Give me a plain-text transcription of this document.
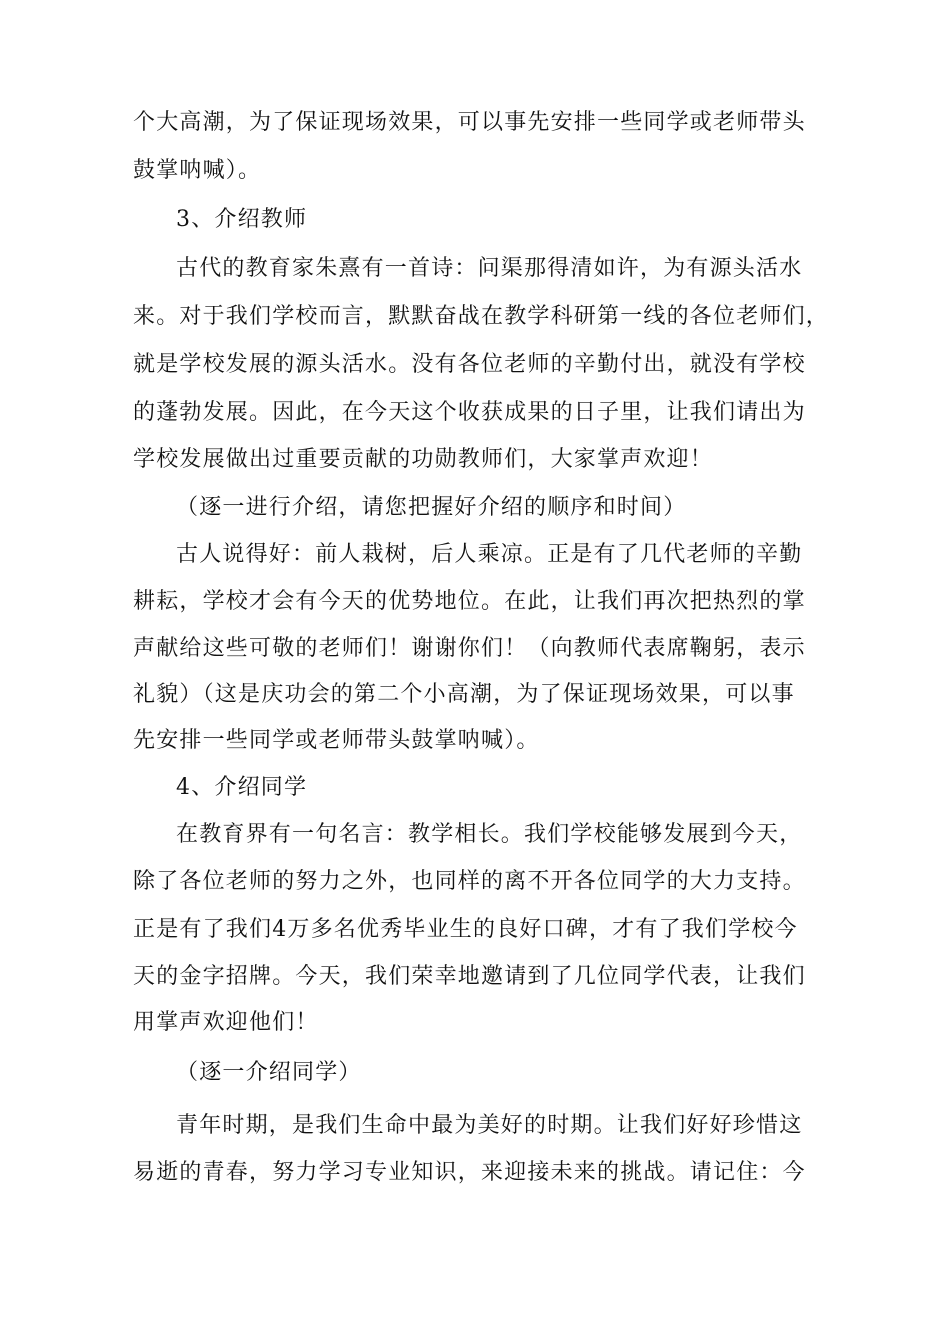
个大高潮，为了保证现场效果，可以事先安排一些同学或老师带头
鼓掌呐喊）。
3、介绍教师
古代的教育家朱熹有一首诗：问渠那得清如许，为有源头活水
来。对于我们学校而言，默默奋战在教学科研第一线的各位老师们，
就是学校发展的源头活水。没有各位老师的辛勤付出，就没有学校
的蓬勃发展。因此，在今天这个收获成果的日子里，让我们请出为
学校发展做出过重要贡献的功勋教师们，大家掌声欢迎！
（逐一进行介绍，请您把握好介绍的顺序和时间）
古人说得好：前人栽树，后人乘凉。正是有了几代老师的辛勤
耕耘，学校才会有今天的优势地位。在此，让我们再次把热烈的掌
声献给这些可敬的老师们！谢谢你们！（向教师代表席鞠躬，表示
礼貌）（这是庆功会的第二个小高潮，为了保证现场效果，可以事
先安排一些同学或老师带头鼓掌呐喊）。
4、介绍同学
在教育界有一句名言：教学相长。我们学校能够发展到今天，
除了各位老师的努力之外，也同样的离不开各位同学的大力支持。
正是有了我们4万多名优秀毕业生的良好口碑，才有了我们学校今
天的金字招牌。今天，我们荣幸地邀请到了几位同学代表，让我们
用掌声欢迎他们！
（逐一介绍同学）
青年时期，是我们生命中最为美好的时期。让我们好好珍惜这
易逝的青春，努力学习专业知识，来迎接未来的挑战。请记住：今
